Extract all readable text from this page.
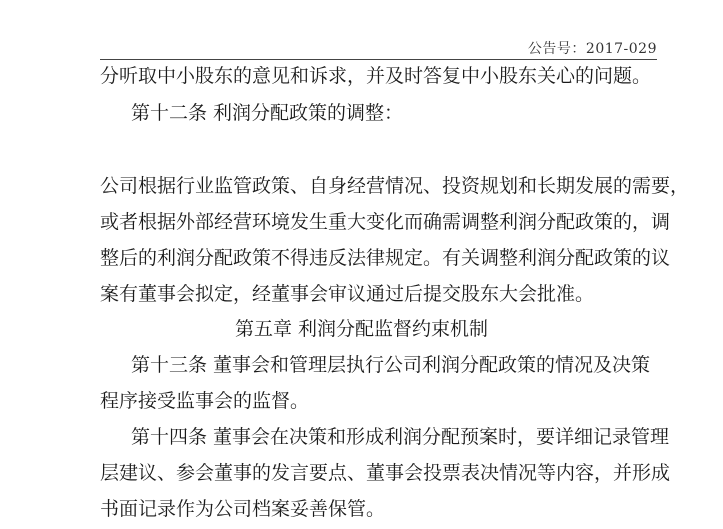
公告号：2017-029
分听取中小股东的意见和诉求，并及时答复中小股东关心的问题。
第十二条 利润分配政策的调整：
公司根据行业监管政策、自身经营情况、投资规划和长期发展的需要，
或者根据外部经营环境发生重大变化而确需调整利润分配政策的，调
整后的利润分配政策不得违反法律规定。有关调整利润分配政策的议
案有董事会拟定，经董事会审议通过后提交股东大会批准。
第五章 利润分配监督约束机制
第十三条 董事会和管理层执行公司利润分配政策的情况及决策
程序接受监事会的监督。
第十四条 董事会在决策和形成利润分配预案时，要详细记录管理
层建议、参会董事的发言要点、董事会投票表决情况等内容，并形成
书面记录作为公司档案妥善保管。
